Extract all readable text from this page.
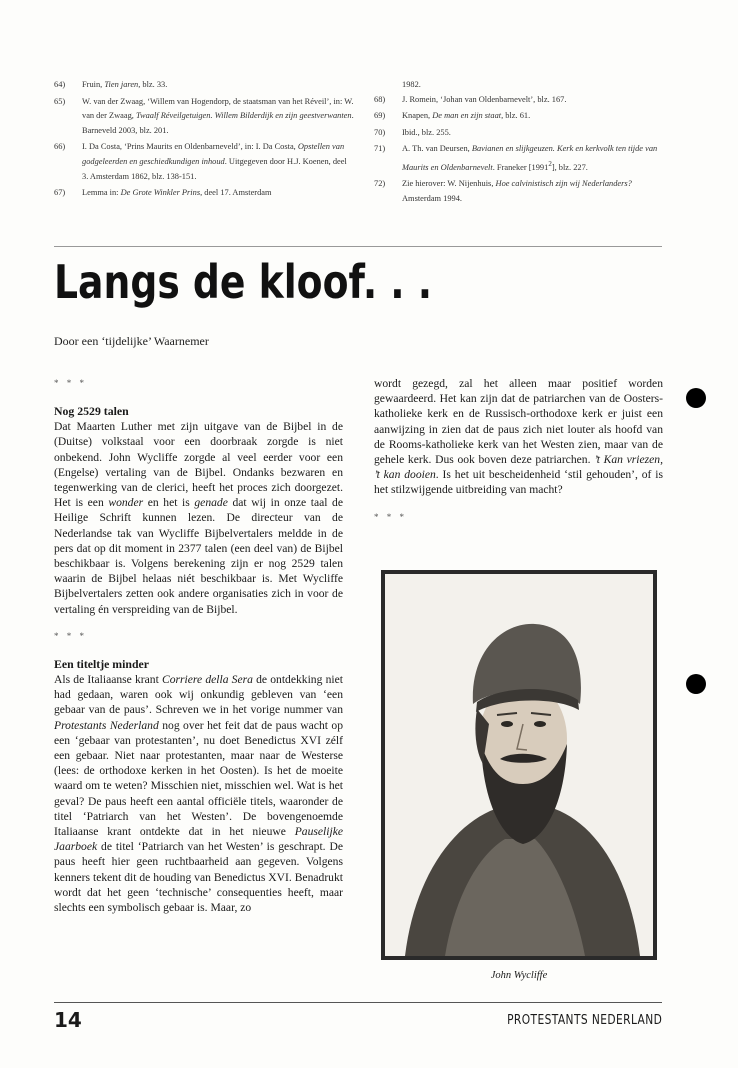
64)	Fruin, Tien jaren, blz. 33.
65)	W. van der Zwaag, ‘Willem van Hogendorp, de staatsman van het Réveil’, in: W. van der Zwaag, Twaalf Réveilgetuigen. Willem Bilderdijk en zijn geestverwanten. Barneveld 2003, blz. 201.
66)	I. Da Costa, ‘Prins Maurits en Oldenbarneveld’, in: I. Da Costa, Opstellen van godgeleerden en geschiedkundigen inhoud. Uitgegeven door H.J. Koenen, deel 3. Amsterdam 1862, blz. 138-151.
67)	Lemma in: De Grote Winkler Prins, deel 17. Amsterdam
1982.
68)	J. Romein, ‘Johan van Oldenbarnevelt’, blz. 167.
69)	Knapen, De man en zijn staat, blz. 61.
70)	Ibid., blz. 255.
71)	A. Th. van Deursen, Bavianen en slijkgeuzen. Kerk en kerkvolk ten tijde van Maurits en Oldenbarnevelt. Franeker [1991$^2$], blz. 227.
72)	Zie hierover: W. Nijenhuis, Hoe calvinistisch zijn wij Nederlanders? Amsterdam 1994.
Langs de kloof. . .
Door een ‘tijdelijke’ Waarnemer
* * *
Nog 2529 talen

Dat Maarten Luther met zijn uitgave van de Bijbel in de (Duitse) volkstaal voor een doorbraak zorgde is niet onbekend. John Wycliffe zorgde al veel eerder voor een (Engelse) vertaling van de Bijbel. Ondanks bezwaren en tegenwerking van de clerici, heeft het proces zich doorgezet. Het is een wonder en het is genade dat wij in onze taal de Heilige Schrift kunnen lezen. De directeur van de Nederlandse tak van Wycliffe Bijbelvertalers meldde in de pers dat op dit moment in 2377 talen (een deel van) de Bijbel beschikbaar is. Volgens berekening zijn er nog 2529 talen waarin de Bijbel helaas niét beschikbaar is. Met Wycliffe Bijbelvertalers zetten ook andere organisaties zich in voor de vertaling én verspreiding van de Bijbel.

* * *
Een titeltje minder

Als de Italiaanse krant Corriere della Sera de ontdekking niet had gedaan, waren ook wij onkundig gebleven van ‘een gebaar van de paus’. Schreven we in het vorige nummer van Protestants Nederland nog over het feit dat de paus wacht op een ‘gebaar van protestanten’, nu doet Benedictus XVI zélf een gebaar. Niet naar protestanten, maar naar de Westerse (lees: de orthodoxe kerken in het Oosten). Is het de moeite waard om te weten? Misschien niet, misschien wel. Wat is het geval? De paus heeft een aantal officiële titels, waaronder de titel ‘Patriarch van het Westen’. De bovengenoemde Italiaanse krant ontdekte dat in het nieuwe Pauselijke Jaarboek de titel ‘Patriarch van het Westen’ is geschrapt. De paus heeft hier geen ruchtbaarheid aan gegeven. Volgens kenners tekent dit de houding van Benedictus XVI. Benadrukt wordt dat het geen ‘technische’ consequenties heeft, maar slechts een symbolisch gebaar is. Maar, zo

wordt gezegd, zal het alleen maar positief worden gewaardeerd. Het kan zijn dat de patriarchen van de Oosters-katholieke kerk en de Russisch-orthodoxe kerk er juist een aanwijzing in zien dat de paus zich niet louter als hoofd van de Rooms-katholieke kerk van het Westen zien, maar van de gehele kerk. Dus ook boven deze patriarchen. ’t Kan vriezen, ’t kan dooien. Is het uit bescheidenheid ‘stil gehouden’, of is het stilzwijgende uitbreiding van macht?

* * *
John Wycliffe
14	PROTESTANTS NEDERLAND
